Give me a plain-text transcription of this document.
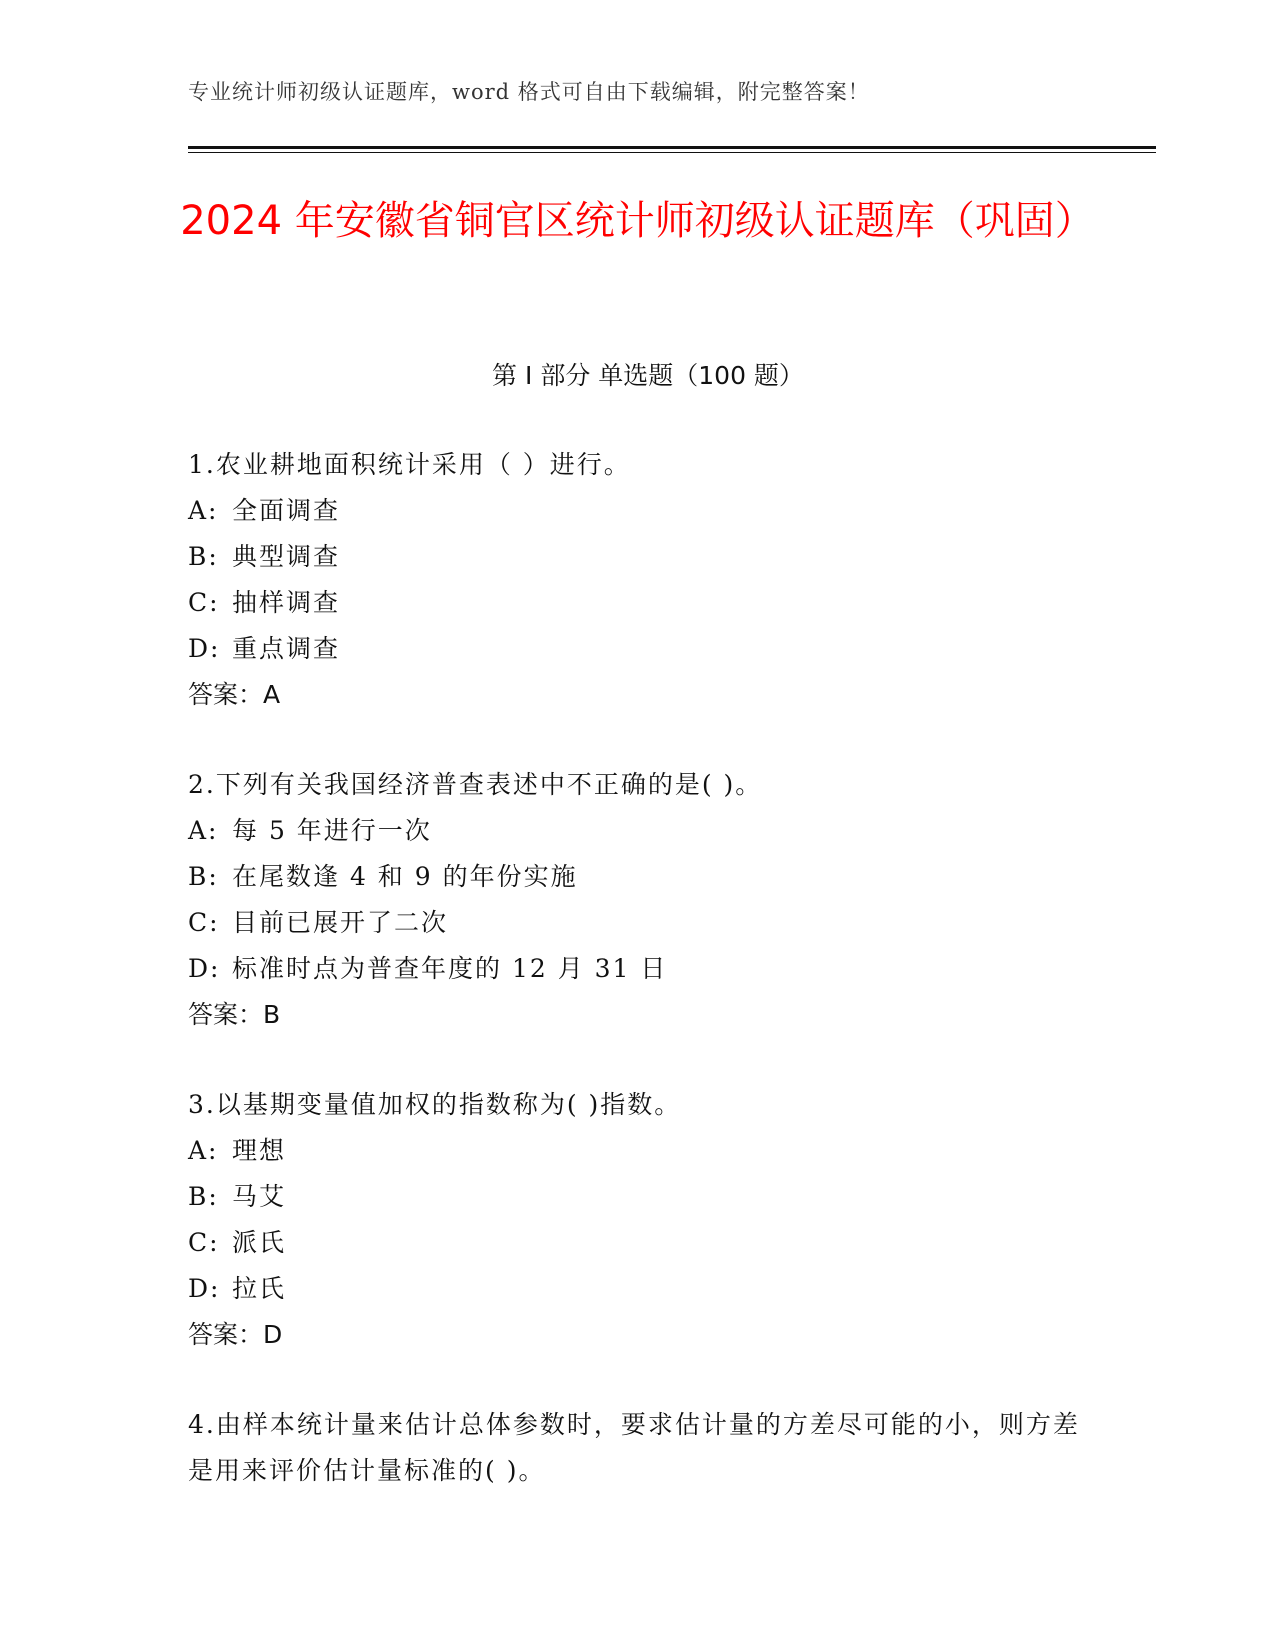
专业统计师初级认证题库，word 格式可自由下载编辑，附完整答案！
2024 年安徽省铜官区统计师初级认证题库（巩固）
第 I 部分 单选题（100 题）
1.农业耕地面积统计采用（ ）进行。
A: 全面调查
B: 典型调查
C: 抽样调查
D: 重点调查
答案：A
2.下列有关我国经济普查表述中不正确的是( )。
A: 每 5 年进行一次
B: 在尾数逢 4 和 9 的年份实施
C: 目前已展开了二次
D: 标准时点为普查年度的 12 月 31 日
答案：B
3.以基期变量值加权的指数称为( )指数。
A: 理想
B: 马艾
C: 派氏
D: 拉氏
答案：D
4.由样本统计量来估计总体参数时，要求估计量的方差尽可能的小，则方差是用来评价估计量标准的( )。
